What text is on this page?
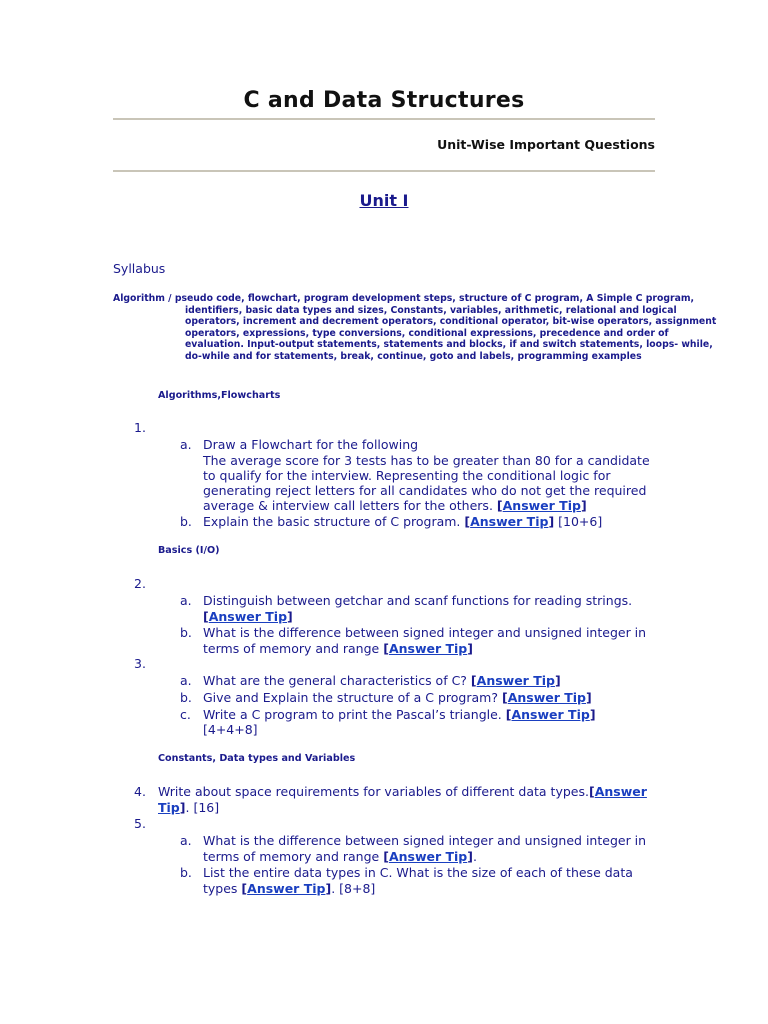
C and Data Structures
Unit-Wise Important Questions
Unit I
Syllabus
Algorithm / pseudo code, flowchart, program development steps, structure of C program, A Simple C program, identifiers, basic data types and sizes, Constants, variables, arithmetic, relational and logical operators, increment and decrement operators, conditional operator, bit-wise operators, assignment operators, expressions, type conversions, conditional expressions, precedence and order of evaluation. Input-output statements, statements and blocks, if and switch statements, loops- while, do-while and for statements, break, continue, goto and labels, programming examples
Algorithms,Flowcharts
1.
a. Draw a Flowchart for the following
The average score for 3 tests has to be greater than 80 for a candidate
to qualify for the interview. Representing the conditional logic for
generating reject letters for all candidates who do not get the required
average & interview call letters for the others. [Answer Tip]
b. Explain the basic structure of C program. [Answer Tip] [10+6]
Basics (I/O)
2.
a. Distinguish between getchar and scanf functions for reading strings.
[Answer Tip]
b. What is the difference between signed integer and unsigned integer in
terms of memory and range [Answer Tip]
3.
a. What are the general characteristics of C? [Answer Tip]
b. Give and Explain the structure of a C program? [Answer Tip]
c. Write a C program to print the Pascal’s triangle. [Answer Tip]
[4+4+8]
Constants, Data types and Variables
4. Write about space requirements for variables of different data types.[Answer
Tip]. [16]
5.
a. What is the difference between signed integer and unsigned integer in
terms of memory and range [Answer Tip].
b. List the entire data types in C. What is the size of each of these data
types [Answer Tip]. [8+8]
